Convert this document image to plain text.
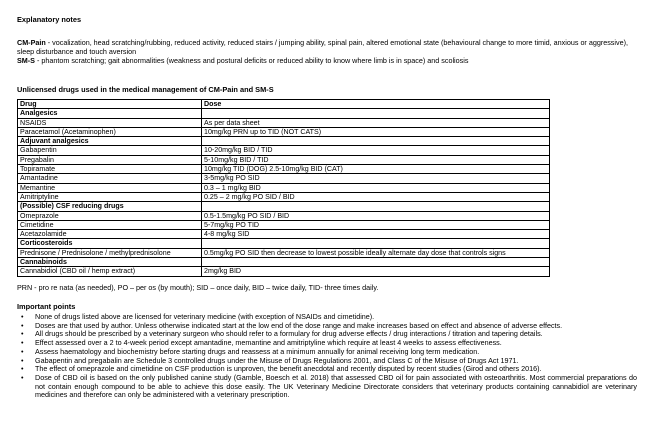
Explanatory notes

CM-Pain - vocalization, head scratching/rubbing, reduced activity, reduced stairs / jumping ability, spinal pain, altered emotional state (behavioural change to more timid, anxious or aggressive), sleep disturbance and touch aversion

SM-S - phantom scratching; gait abnormalities (weakness and postural deficits or reduced ability to know where limb is in space) and scoliosis

Unlicensed drugs used in the medical management of CM-Pain and SM-S
Drug	Dose
Analgesics	
NSAIDS	As per data sheet
Paracetamol (Acetaminophen)	10mg/kg PRN up to TID (NOT CATS)
Adjuvant analgesics	
Gabapentin	10-20mg/kg BID / TID
Pregabalin	5-10mg/kg BID / TID
Topiramate	10mg/kg TID (DOG) 2.5-10mg/kg BID (CAT)
Amantadine	3-5mg/kg PO SID
Memantine	0.3 – 1 mg/kg BID
Amitriptyline	0.25 – 2 mg/kg PO SID / BID
(Possible) CSF reducing drugs	
Omeprazole	0.5-1.5mg/kg PO SID / BID
Cimetidine	5-7mg/kg PO TID
Acetazolamide	4-8 mg/kg SID
Corticosteroids	
Prednisone / Prednisolone / methylprednisolone	0.5mg/kg PO SID then decrease to lowest possible ideally alternate day dose that controls signs
Cannabinoids	
Cannabidiol (CBD oil / hemp extract)	2mg/kg BID
PRN - pro re nata (as needed), PO – per os (by mouth); SID – once daily, BID – twice daily, TID- three times daily.
Important points
• None of drugs listed above are licensed for veterinary medicine (with exception of NSAIDs and cimetidine).
• Doses are that used by author. Unless otherwise indicated start at the low end of the dose range and make increases based on effect and absence of adverse effects.
• All drugs should be prescribed by a veterinary surgeon who should refer to a formulary for drug adverse effects / drug interactions / titration and tapering details.
• Effect assessed over a 2 to 4-week period except amantadine, memantine and amitriptyline which require at least 4 weeks to assess effectiveness.
• Assess haematology and biochemistry before starting drugs and reassess at a minimum annually for animal receiving long term medication.
• Gabapentin and pregabalin are Schedule 3 controlled drugs under the Misuse of Drugs Regulations 2001, and Class C of the Misuse of Drugs Act 1971.
• The effect of omeprazole and cimetidine on CSF production is unproven, the benefit anecdotal and recently disputed by recent studies (Girod and others 2016).
• Dose of CBD oil is based on the only published canine study (Gamble, Boesch et al. 2018) that assessed CBD oil for pain associated with osteoarthritis. Most commercial preparations do not contain enough compound to be able to achieve this dose easily. The UK Veterinary Medicine Directorate considers that veterinary products containing cannabidiol are veterinary medicines and therefore can only be administered with a veterinary prescription.
